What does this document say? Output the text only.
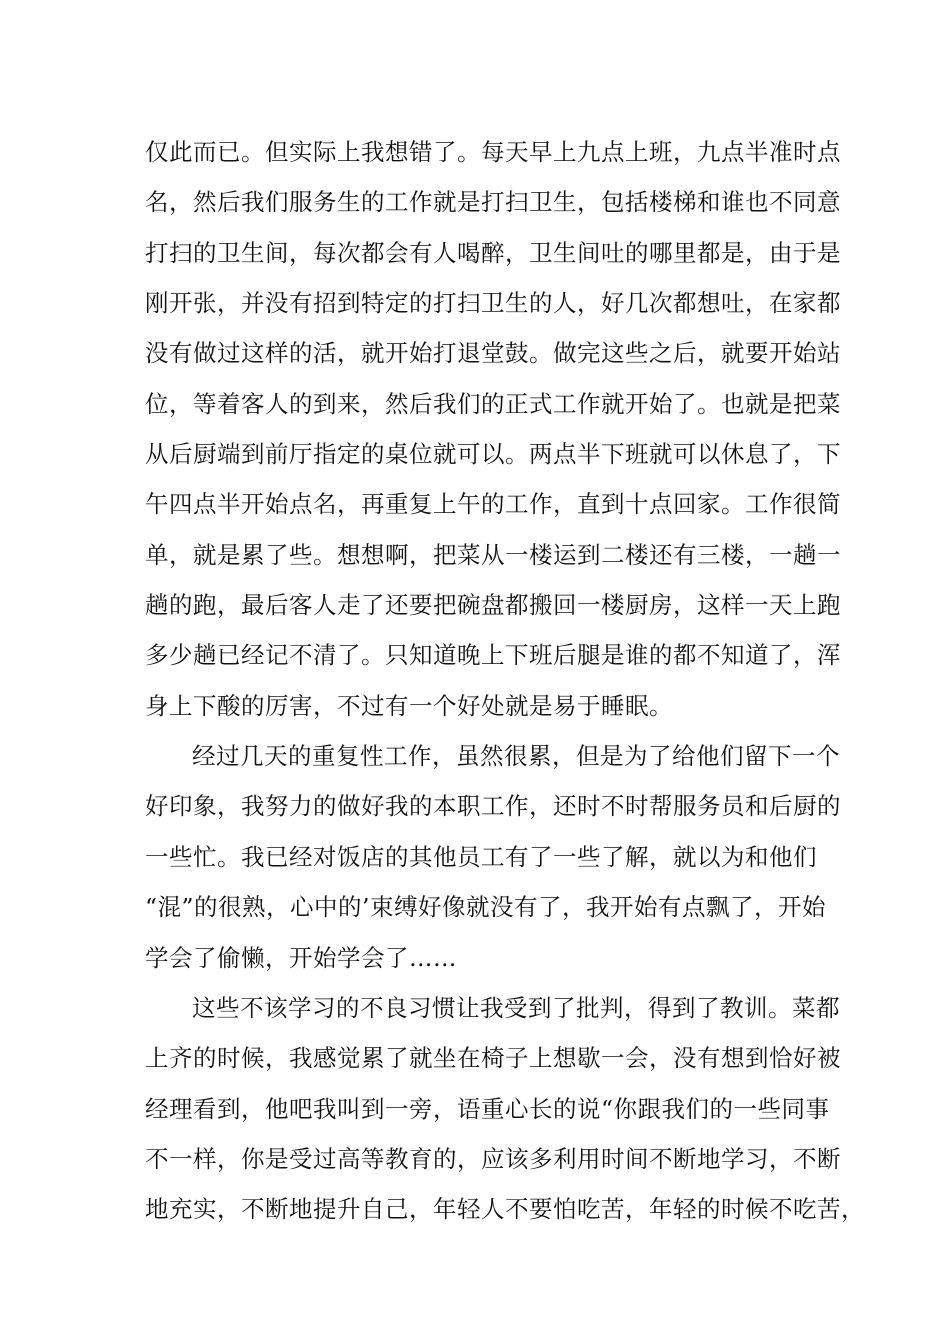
仅此而已。但实际上我想错了。每天早上九点上班，九点半准时点
名，然后我们服务生的工作就是打扫卫生，包括楼梯和谁也不同意
打扫的卫生间，每次都会有人喝醉，卫生间吐的哪里都是，由于是
刚开张，并没有招到特定的打扫卫生的人，好几次都想吐，在家都
没有做过这样的活，就开始打退堂鼓。做完这些之后，就要开始站
位，等着客人的到来，然后我们的正式工作就开始了。也就是把菜
从后厨端到前厅指定的桌位就可以。两点半下班就可以休息了，下
午四点半开始点名，再重复上午的工作，直到十点回家。工作很简
单，就是累了些。想想啊，把菜从一楼运到二楼还有三楼，一趟一
趟的跑，最后客人走了还要把碗盘都搬回一楼厨房，这样一天上跑
多少趟已经记不清了。只知道晚上下班后腿是谁的都不知道了，浑
身上下酸的厉害，不过有一个好处就是易于睡眠。
经过几天的重复性工作，虽然很累，但是为了给他们留下一个
好印象，我努力的做好我的本职工作，还时不时帮服务员和后厨的
一些忙。我已经对饭店的其他员工有了一些了解，就以为和他们
“混”的很熟，心中的’束缚好像就没有了，我开始有点飘了，开始
学会了偷懒，开始学会了……
这些不该学习的不良习惯让我受到了批判，得到了教训。菜都
上齐的时候，我感觉累了就坐在椅子上想歇一会，没有想到恰好被
经理看到，他吧我叫到一旁，语重心长的说“你跟我们的一些同事
不一样，你是受过高等教育的，应该多利用时间不断地学习，不断
地充实，不断地提升自己，年轻人不要怕吃苦，年轻的时候不吃苦，
